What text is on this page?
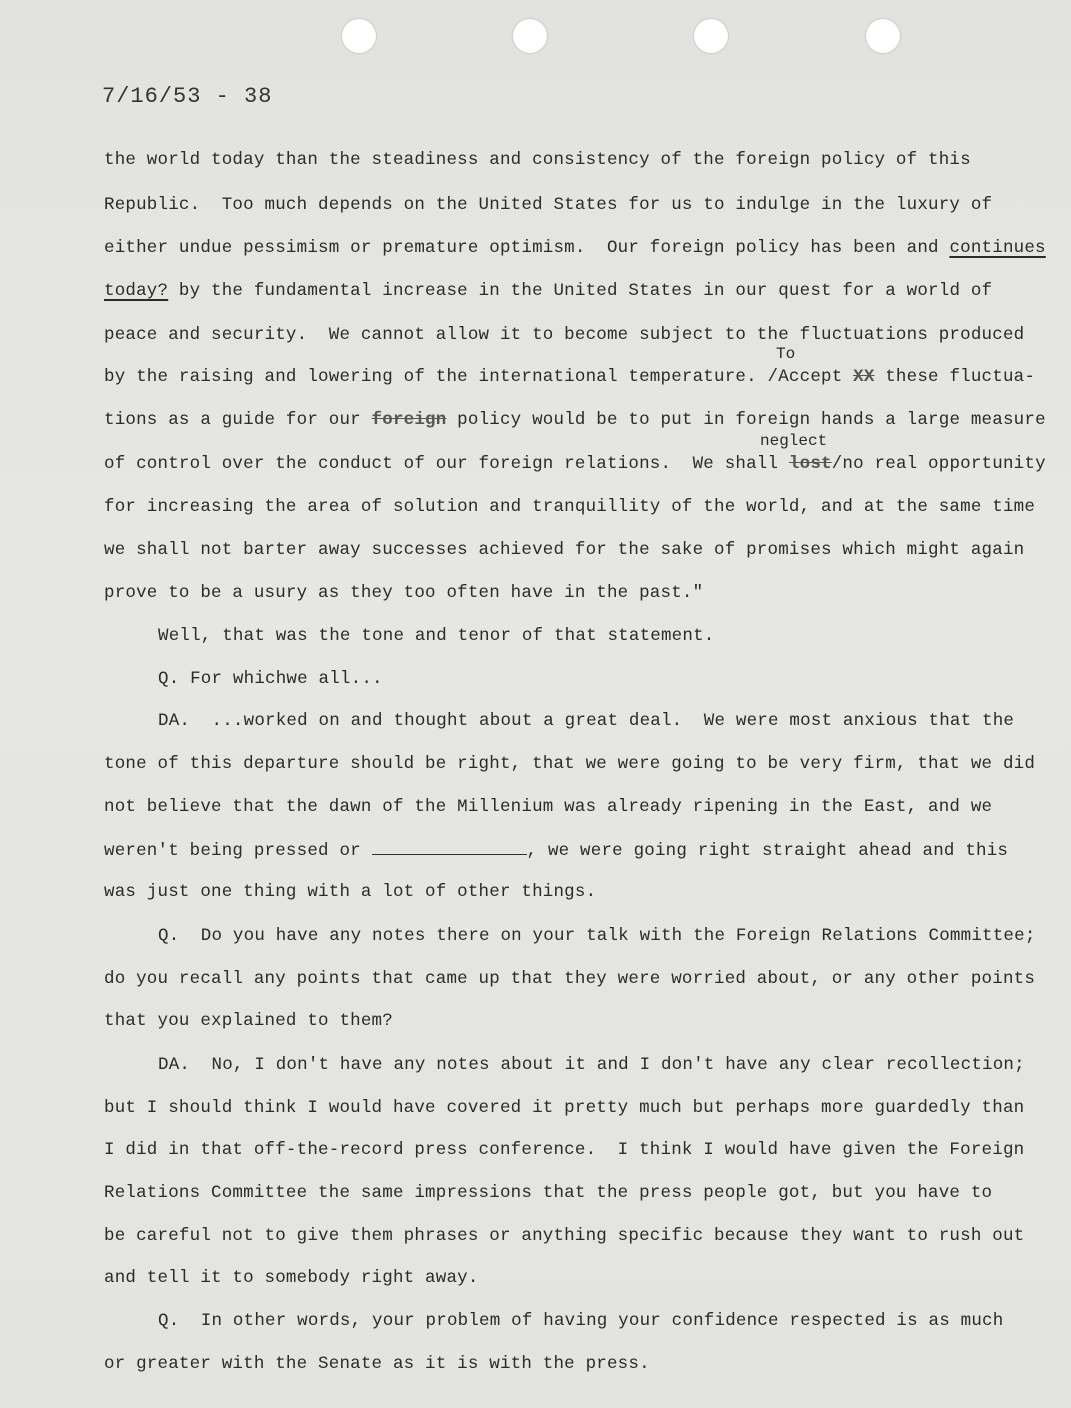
7/16/53 - 38
the world today than the steadiness and consistency of the foreign policy of this
Republic.  Too much depends on the United States for us to indulge in the luxury of
either undue pessimism or premature optimism.  Our foreign policy has been and continues
today? by the fundamental increase in the United States in our quest for a world of
peace and security.  We cannot allow it to become subject to the fluctuations produced
To
by the raising and lowering of the international temperature. /Accept XX these fluctua-
tions as a guide for our foreign policy would be to put in foreign hands a large measure
neglect
of control over the conduct of our foreign relations.  We shall lost/no real opportunity
for increasing the area of solution and tranquillity of the world, and at the same time
we shall not barter away successes achieved for the sake of promises which might again
prove to be a usury as they too often have in the past."
Well, that was the tone and tenor of that statement.
Q. For whichwe all...
DA.  ...worked on and thought about a great deal.  We were most anxious that the
tone of this departure should be right, that we were going to be very firm, that we did
not believe that the dawn of the Millenium was already ripening in the East, and we
weren't being pressed or	, we were going right straight ahead and this
was just one thing with a lot of other things.
Q.  Do you have any notes there on your talk with the Foreign Relations Committee;
do you recall any points that came up that they were worried about, or any other points
that you explained to them?
DA.  No, I don't have any notes about it and I don't have any clear recollection;
but I should think I would have covered it pretty much but perhaps more guardedly than
I did in that off-the-record press conference.  I think I would have given the Foreign
Relations Committee the same impressions that the press people got, but you have to
be careful not to give them phrases or anything specific because they want to rush out
and tell it to somebody right away.
Q.  In other words, your problem of having your confidence respected is as much
or greater with the Senate as it is with the press.
